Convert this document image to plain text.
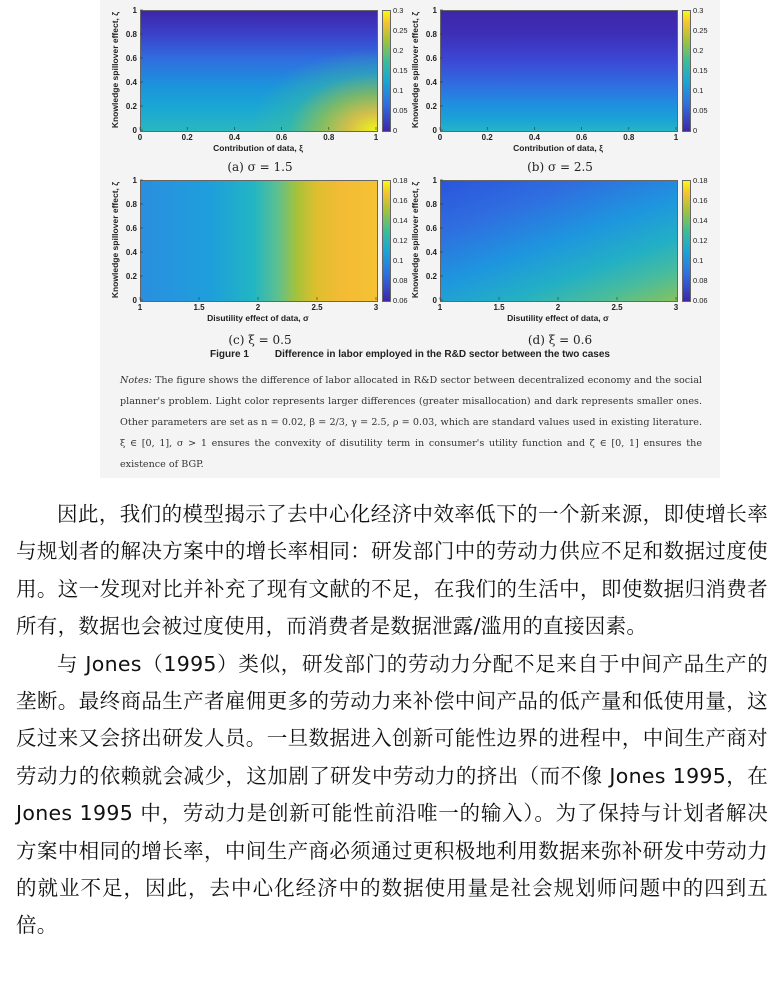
0	0.2	0.4	0.6	0.8	1
0
0.2
0.4
0.6
0.8
1
0
0.05
0.1
0.15
0.2
0.25
0.3
Contribution of data, ξ
Knowledge spillover effect, ζ
0	0.2	0.4	0.6	0.8	1
0
0.2
0.4
0.6
0.8
1
0
0.05
0.1
0.15
0.2
0.25
0.3
Contribution of data, ξ
Knowledge spillover effect, ζ
1	1.5	2	2.5	3
0
0.2
0.4
0.6
0.8
1
0.06
0.08
0.1
0.12
0.14
0.16
0.18
Disutility effect of data, σ
Knowledge spillover effect, ζ
1	1.5	2	2.5	3
0
0.2
0.4
0.6
0.8
1
0.06
0.08
0.1
0.12
0.14
0.16
0.18
Disutility effect of data, σ
Knowledge spillover effect, ζ
(a) σ = 1.5	(b) σ = 2.5
(c) ξ = 0.5	(d) ξ = 0.6
Figure 1	Difference in labor employed in the R&D sector between the two cases
Notes: The figure shows the difference of labor allocated in R&D sector between decentralized economy and the social planner's problem. Light color represents larger differences (greater misallocation) and dark represents smaller ones. Other parameters are set as n = 0.02, β = 2/3, γ = 2.5, ρ = 0.03, which are standard values used in existing literature. ξ ∈ [0, 1], σ > 1 ensures the convexity of disutility term in consumer's utility function and ζ ∈ [0, 1] ensures the existence of BGP.

因此，我们的模型揭示了去中心化经济中效率低下的一个新来源，即使增长率与规划者的解决方案中的增长率相同：研发部门中的劳动力供应不足和数据过度使用。这一发现对比并补充了现有文献的不足，在我们的生活中，即使数据归消费者所有，数据也会被过度使用，而消费者是数据泄露/滥用的直接因素。

与 Jones（1995）类似，研发部门的劳动力分配不足来自于中间产品生产的垄断。最终商品生产者雇佣更多的劳动力来补偿中间产品的低产量和低使用量，这反过来又会挤出研发人员。一旦数据进入创新可能性边界的进程中，中间生产商对劳动力的依赖就会减少，这加剧了研发中劳动力的挤出（而不像 Jones 1995，在 Jones 1995 中，劳动力是创新可能性前沿唯一的输入）。为了保持与计划者解决方案中相同的增长率，中间生产商必须通过更积极地利用数据来弥补研发中劳动力的就业不足，因此，去中心化经济中的数据使用量是社会规划师问题中的四到五倍。
